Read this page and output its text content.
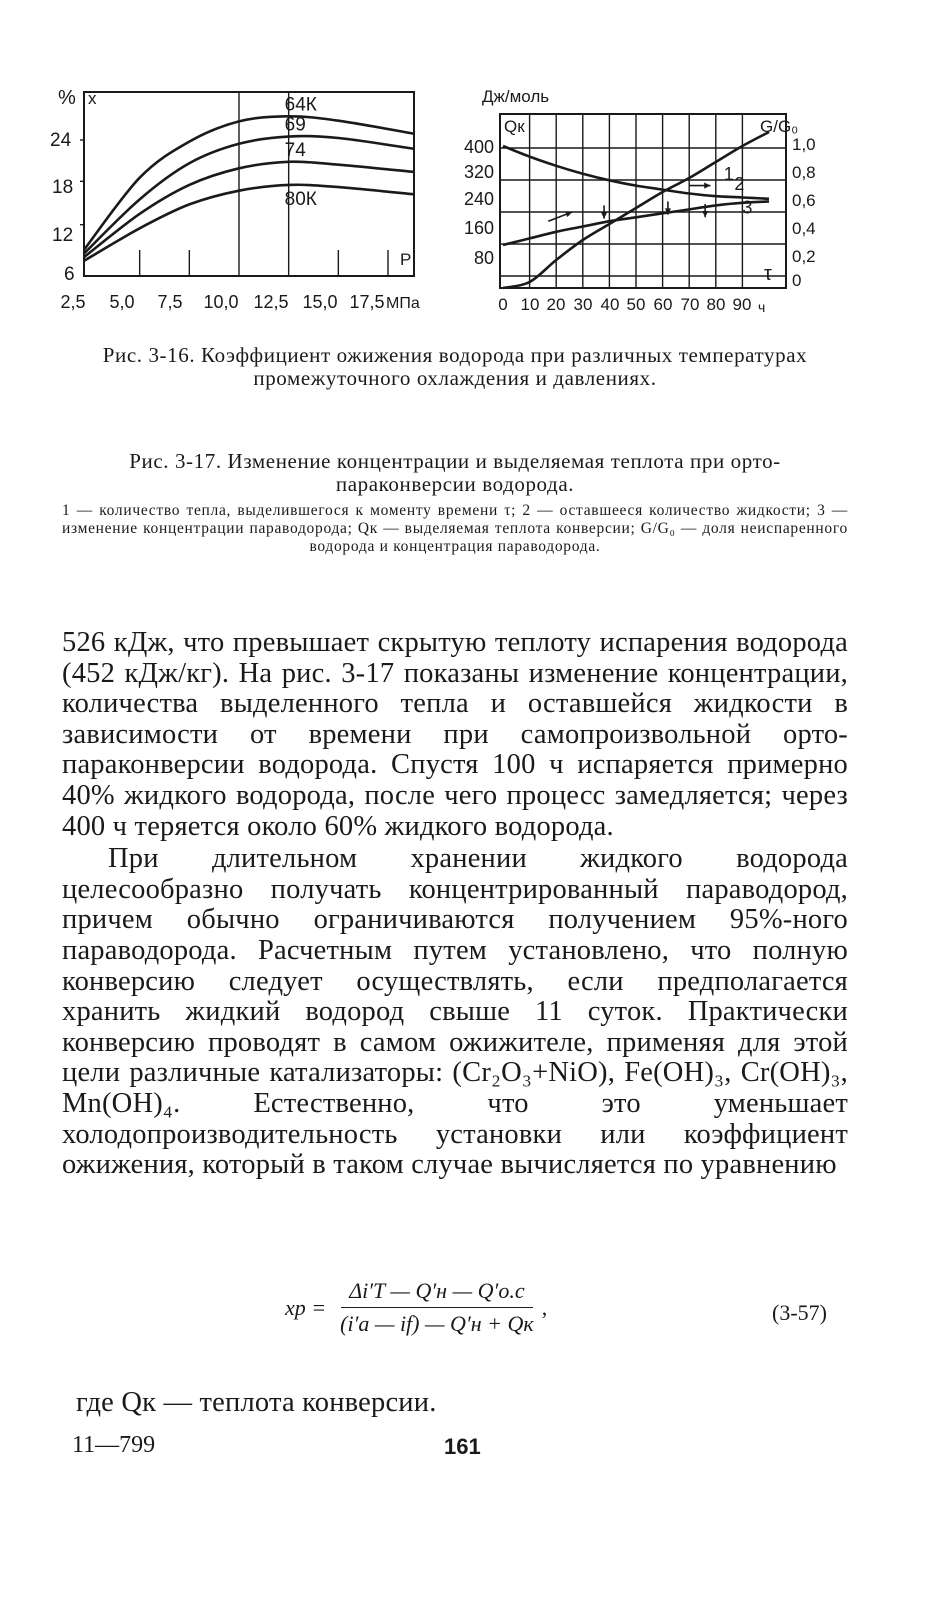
% x
24
18
12
6
64К
69
74
80К
P
2,5 5,0 7,5 10,0 12,5 15,0 17,5 МПа
Дж/моль
400
320
240
160
80
1,0
0,8
0,6
0,4
0,2
0
1
2
3
Qк	G/G₀
τ
0 10 20 30 40 50 60 70 80 90 ч
Рис. 3-16. Коэффициент ожижения водорода при различных температурах промежуточного охлаждения и давлениях.
Рис. 3-17. Изменение концентрации и выделяемая теплота при орто-параконверсии водорода.
1 — количество тепла, выделившегося к моменту времени τ; 2 — оставшееся количество жидкости; 3 — изменение концентрации параводорода; Qк — выделяемая теплота конверсии; G/G₀ — доля неиспаренного водорода и концентрация параводорода.

526 кДж, что превышает скрытую теплоту испарения водорода (452 кДж/кг). На рис. 3-17 показаны изменение концентрации, количества выделенного тепла и оставшейся жидкости в зависимости от времени при самопроизвольной орто-параконверсии водорода. Спустя 100 ч испаряется примерно 40% жидкого водорода, после чего процесс замедляется; через 400 ч теряется около 60% жидкого водорода.

При длительном хранении жидкого водорода целесообразно получать концентрированный параводород, причем обычно ограничиваются получением 95%-ного параводорода. Расчетным путем установлено, что полную конверсию следует осуществлять, если предполагается хранить жидкий водород свыше 11 суток. Практически конверсию проводят в самом ожижителе, применяя для этой цели различные катализаторы: (Cr₂O₃+NiO), Fe(OH)₃, Cr(OH)₃, Mn(OH)₄. Естественно, что это уменьшает холодопроизводительность установки или коэффициент ожижения, который в таком случае вычисляется по уравнению

xр = $\frac{\Delta i'T — Q'н — Q'о.с}{(i'a — if) — Q'н + Qк}$ ,	(3-57)
где Qк — теплота конверсии.
11—799	161
